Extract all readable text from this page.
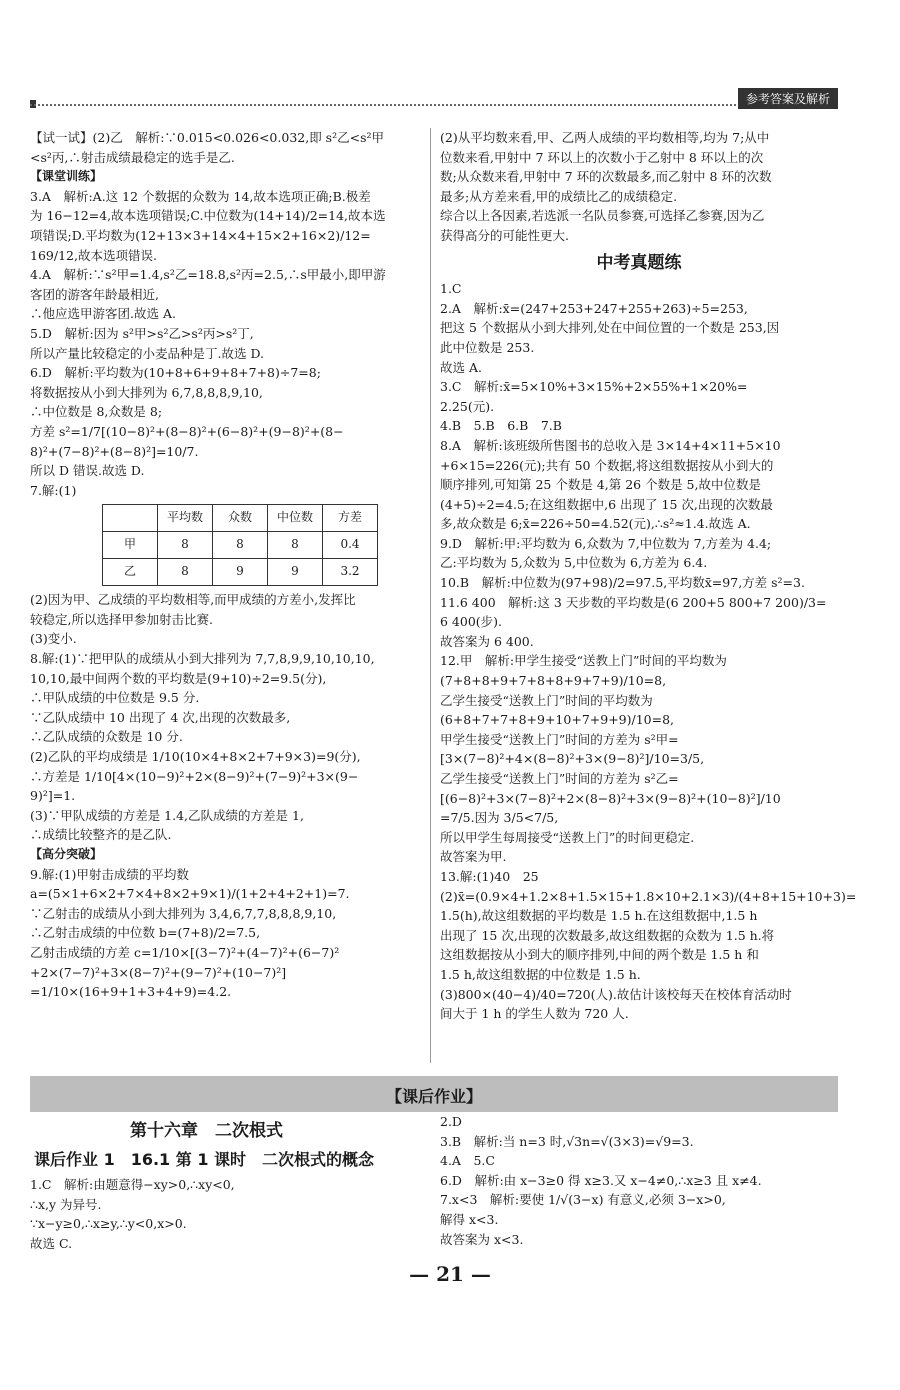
参考答案及解析

【试一试】(2)乙　解析:∵0.015<0.026<0.032,即 s²乙<s²甲

<s²丙,∴射击成绩最稳定的选手是乙.

【课堂训练】

3.A　解析:A.这 12 个数据的众数为 14,故本选项正确;B.极差

为 16−12=4,故本选项错误;C.中位数为(14+14)/2=14,故本选

项错误;D.平均数为(12+13×3+14×4+15×2+16×2)/12=

169/12,故本选项错误.

4.A　解析:∵s²甲=1.4,s²乙=18.8,s²丙=2.5,∴s甲最小,即甲游

客团的游客年龄最相近,

∴他应选甲游客团.故选 A.

5.D　解析:因为 s²甲>s²乙>s²丙>s²丁,

所以产量比较稳定的小麦品种是丁.故选 D.

6.D　解析:平均数为(10+8+6+9+8+7+8)÷7=8;

将数据按从小到大排列为 6,7,8,8,8,9,10,

∴中位数是 8,众数是 8;

方差 s²=1/7[(10−8)²+(8−8)²+(6−8)²+(9−8)²+(8−

8)²+(7−8)²+(8−8)²]=10/7.

所以 D 错误.故选 D.

7.解:(1)

	平均数	众数	中位数	方差
甲	8	8	8	0.4
乙	8	9	9	3.2

(2)因为甲、乙成绩的平均数相等,而甲成绩的方差小,发挥比

较稳定,所以选择甲参加射击比赛.

(3)变小.

8.解:(1)∵把甲队的成绩从小到大排列为 7,7,8,9,9,10,10,10,

10,10,最中间两个数的平均数是(9+10)÷2=9.5(分),

∴甲队成绩的中位数是 9.5 分.

∵乙队成绩中 10 出现了 4 次,出现的次数最多,

∴乙队成绩的众数是 10 分.

(2)乙队的平均成绩是 1/10(10×4+8×2+7+9×3)=9(分),

∴方差是 1/10[4×(10−9)²+2×(8−9)²+(7−9)²+3×(9−

9)²]=1.

(3)∵甲队成绩的方差是 1.4,乙队成绩的方差是 1,

∴成绩比较整齐的是乙队.

【高分突破】

9.解:(1)甲射击成绩的平均数

a=(5×1+6×2+7×4+8×2+9×1)/(1+2+4+2+1)=7.

∵乙射击的成绩从小到大排列为 3,4,6,7,7,8,8,8,9,10,

∴乙射击成绩的中位数 b=(7+8)/2=7.5,

乙射击成绩的方差 c=1/10×[(3−7)²+(4−7)²+(6−7)²

+2×(7−7)²+3×(8−7)²+(9−7)²+(10−7)²]

=1/10×(16+9+1+3+4+9)=4.2.

(2)从平均数来看,甲、乙两人成绩的平均数相等,均为 7;从中

位数来看,甲射中 7 环以上的次数小于乙射中 8 环以上的次

数;从众数来看,甲射中 7 环的次数最多,而乙射中 8 环的次数

最多;从方差来看,甲的成绩比乙的成绩稳定.

综合以上各因素,若选派一名队员参赛,可选择乙参赛,因为乙

获得高分的可能性更大.

中考真题练

1.C

2.A　解析:x̄=(247+253+247+255+263)÷5=253,

把这 5 个数据从小到大排列,处在中间位置的一个数是 253,因

此中位数是 253.

故选 A.

3.C　解析:x̄=5×10%+3×15%+2×55%+1×20%=

2.25(元).

4.B　5.B　6.B　7.B

8.A　解析:该班级所售图书的总收入是 3×14+4×11+5×10

+6×15=226(元);共有 50 个数据,将这组数据按从小到大的

顺序排列,可知第 25 个数是 4,第 26 个数是 5,故中位数是

(4+5)÷2=4.5;在这组数据中,6 出现了 15 次,出现的次数最

多,故众数是 6;x̄=226÷50=4.52(元),∴s²≈1.4.故选 A.

9.D　解析:甲:平均数为 6,众数为 7,中位数为 7,方差为 4.4;

乙:平均数为 5,众数为 5,中位数为 6,方差为 6.4.

10.B　解析:中位数为(97+98)/2=97.5,平均数x̄=97,方差 s²=3.

11.6 400　解析:这 3 天步数的平均数是(6 200+5 800+7 200)/3=

6 400(步).

故答案为 6 400.

12.甲　解析:甲学生接受“送教上门”时间的平均数为

(7+8+8+9+7+8+8+9+7+9)/10=8,

乙学生接受“送教上门”时间的平均数为

(6+8+7+7+8+9+10+7+9+9)/10=8,

甲学生接受“送教上门”时间的方差为 s²甲=

[3×(7−8)²+4×(8−8)²+3×(9−8)²]/10=3/5,

乙学生接受“送教上门”时间的方差为 s²乙=

[(6−8)²+3×(7−8)²+2×(8−8)²+3×(9−8)²+(10−8)²]/10

=7/5.因为 3/5<7/5,

所以甲学生每周接受“送教上门”的时间更稳定.

故答案为甲.

13.解:(1)40　25

(2)x̄=(0.9×4+1.2×8+1.5×15+1.8×10+2.1×3)/(4+8+15+10+3)=

1.5(h),故这组数据的平均数是 1.5 h.在这组数据中,1.5 h

出现了 15 次,出现的次数最多,故这组数据的众数为 1.5 h.将

这组数据按从小到大的顺序排列,中间的两个数是 1.5 h 和

1.5 h,故这组数据的中位数是 1.5 h.

(3)800×(40−4)/40=720(人).故估计该校每天在校体育活动时

间大于 1 h 的学生人数为 720 人.

【课后作业】

第十六章　二次根式

课后作业 1　16.1 第 1 课时　二次根式的概念

1.C　解析:由题意得−xy>0,∴xy<0,

∴x,y 为异号.

∵x−y≥0,∴x≥y,∴y<0,x>0.

故选 C.

2.D

3.B　解析:当 n=3 时,√3n=√(3×3)=√9=3.

4.A　5.C

6.D　解析:由 x−3≥0 得 x≥3.又 x−4≠0,∴x≥3 且 x≠4.

7.x<3　解析:要使 1/√(3−x) 有意义,必须 3−x>0,

解得 x<3.

故答案为 x<3.

— 21 —
